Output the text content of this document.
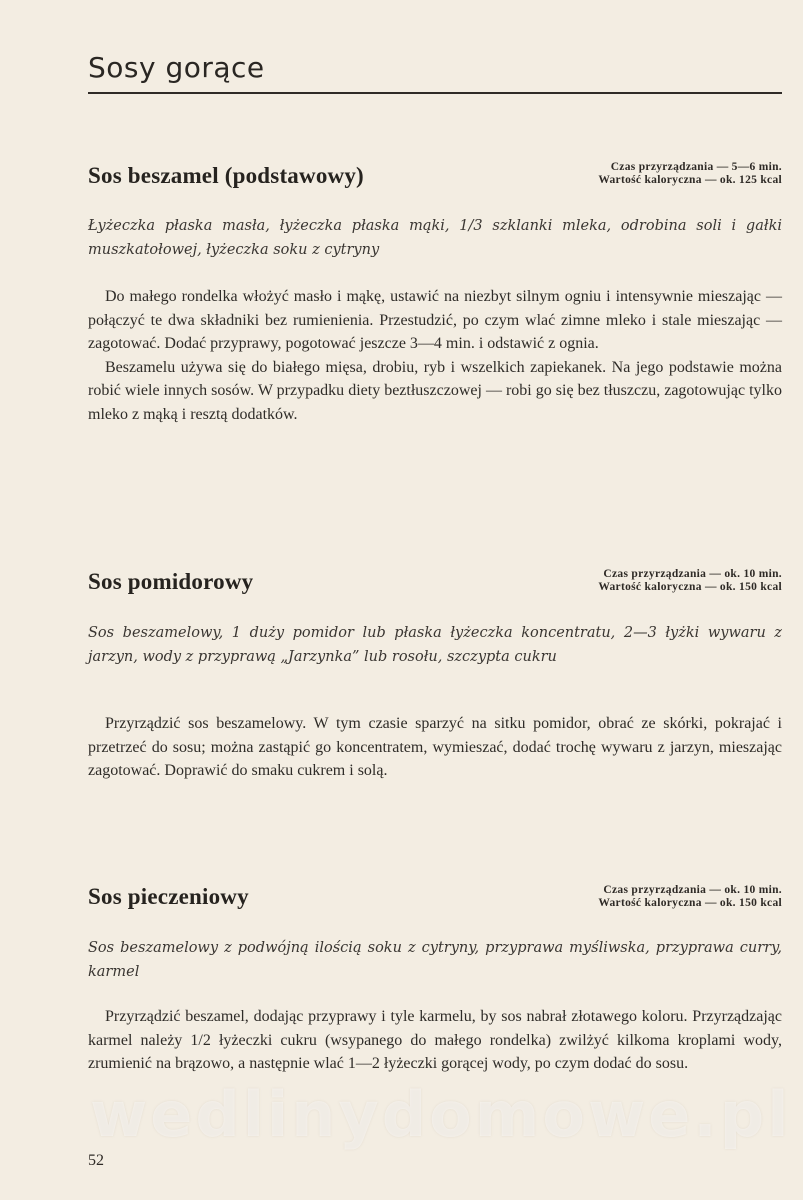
Sosy gorące
Sos beszamel (podstawowy)	Czas przyrządzania — 5—6 min.
Wartość kaloryczna — ok. 125 kcal
Łyżeczka płaska masła, łyżeczka płaska mąki, 1/3 szklanki mleka, odrobina soli i gałki muszkatołowej, łyżeczka soku z cytryny

Do małego rondelka włożyć masło i mąkę, ustawić na niezbyt silnym ogniu i intensywnie mieszając — połączyć te dwa składniki bez rumienienia. Przestudzić, po czym wlać zimne mleko i stale mieszając — zagotować. Dodać przyprawy, pogotować jeszcze 3—4 min. i odstawić z ognia.

Beszamelu używa się do białego mięsa, drobiu, ryb i wszelkich zapiekanek. Na jego podstawie można robić wiele innych sosów. W przypadku diety beztłuszczowej — robi go się bez tłuszczu, zagotowując tylko mleko z mąką i resztą dodatków.

Sos pomidorowy	Czas przyrządzania — ok. 10 min.
Wartość kaloryczna — ok. 150 kcal
Sos beszamelowy, 1 duży pomidor lub płaska łyżeczka koncentratu, 2—3 łyżki wywaru z jarzyn, wody z przyprawą „Jarzynka” lub rosołu, szczypta cukru

Przyrządzić sos beszamelowy. W tym czasie sparzyć na sitku pomidor, obrać ze skórki, pokrajać i przetrzeć do sosu; można zastąpić go koncentratem, wymieszać, dodać trochę wywaru z jarzyn, mieszając zagotować. Doprawić do smaku cukrem i solą.

Sos pieczeniowy	Czas przyrządzania — ok. 10 min.
Wartość kaloryczna — ok. 150 kcal
Sos beszamelowy z podwójną ilością soku z cytryny, przyprawa myśliwska, przyprawa curry, karmel

Przyrządzić beszamel, dodając przyprawy i tyle karmelu, by sos nabrał złotawego koloru. Przyrządzając karmel należy 1/2 łyżeczki cukru (wsypanego do małego rondelka) zwilżyć kilkoma kroplami wody, zrumienić na brązowo, a następnie wlać 1—2 łyżeczki gorącej wody, po czym dodać do sosu.

wedlinydomowe.pl
52
